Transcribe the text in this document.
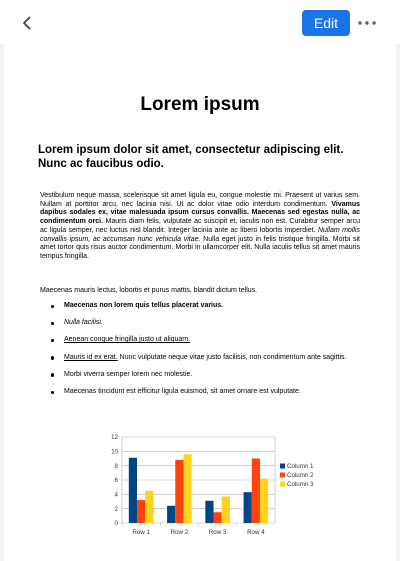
Edit
Lorem ipsum
Lorem ipsum dolor sit amet, consectetur adipiscing elit. Nunc ac faucibus odio.
Vestibulum neque massa, scelerisque sit amet ligula eu, congue molestie mi. Praesent ut varius sem. Nullam at porttitor arcu, nec lacinia nisi. Ut ac dolor vitae odio interdum condimentum. Vivamus dapibus sodales ex, vitae malesuada ipsum cursus convallis. Maecenas sed egestas nulla, ac condimentum orci. Mauris diam felis, vulputate ac suscipit et, iaculis non est. Curabitur semper arcu ac ligula semper, nec luctus nisl blandit. Integer lacinia ante ac libero lobortis imperdiet. Nullam mollis convallis ipsum, ac accumsan nunc vehicula vitae. Nulla eget justo in felis tristique fringilla. Morbi sit amet tortor quis risus auctor condimentum. Morbi in ullamcorper elit. Nulla iaculis tellus sit amet mauris tempus fringilla.
Maecenas mauris lectus, lobortis et purus mattis, blandit dictum tellus.
Maecenas non lorem quis tellus placerat varius.
Nulla facilisi.
Aenean congue fringilla justo ut aliquam.
Mauris id ex erat. Nunc vulputate neque vitae justo facilisis, non condimentum ante sagittis.
Morbi viverra semper lorem nec molestie.
Maecenas tincidunt est efficitur ligula euismod, sit amet ornare est vulputate.
0
2
4
6
8
10
12
Row 1	Row 2	Row 3	Row 4
Column 1
Column 2
Column 3
